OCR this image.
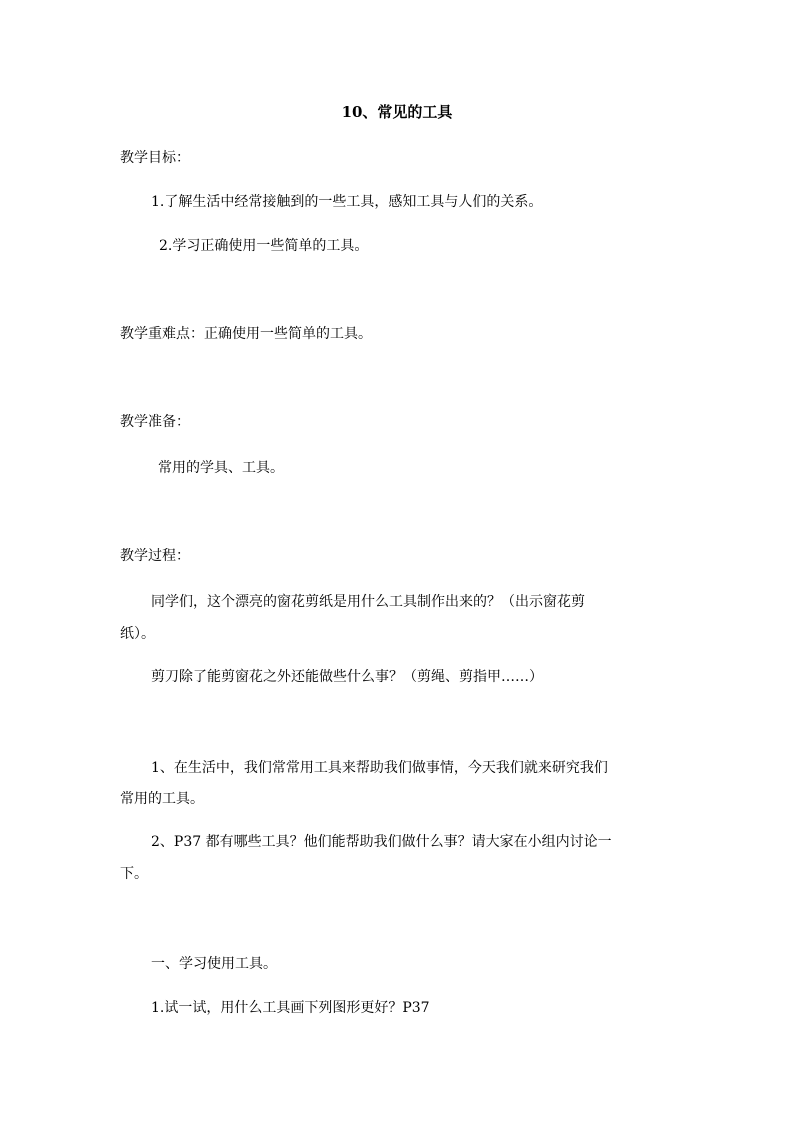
10、常见的工具
教学目标：
1.了解生活中经常接触到的一些工具，感知工具与人们的关系。
2.学习正确使用一些简单的工具。
教学重难点：正确使用一些简单的工具。
教学准备：
常用的学具、工具。
教学过程：
同学们，这个漂亮的窗花剪纸是用什么工具制作出来的？（出示窗花剪
纸）。
剪刀除了能剪窗花之外还能做些什么事？（剪绳、剪指甲……）
1、在生活中，我们常常用工具来帮助我们做事情，今天我们就来研究我们
常用的工具。
2、P37 都有哪些工具？他们能帮助我们做什么事？请大家在小组内讨论一
下。
一、学习使用工具。
1.试一试，用什么工具画下列图形更好？P37
